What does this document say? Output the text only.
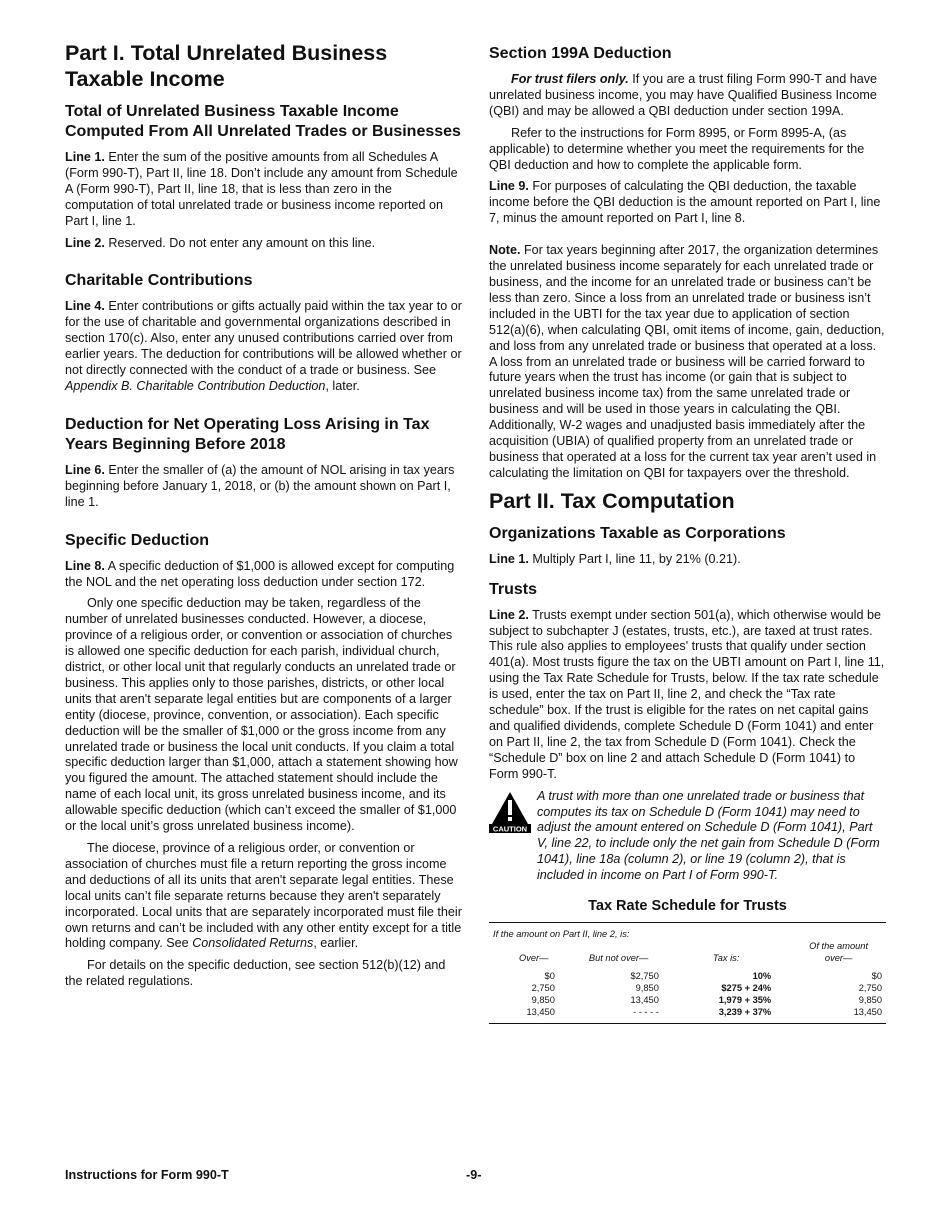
Part I. Total Unrelated Business Taxable Income
Total of Unrelated Business Taxable Income Computed From All Unrelated Trades or Businesses

Line 1. Enter the sum of the positive amounts from all Schedules A (Form 990-T), Part II, line 18. Don’t include any amount from Schedule A (Form 990-T), Part II, line 18, that is less than zero in the computation of total unrelated trade or business income reported on Part I, line 1.

Line 2. Reserved. Do not enter any amount on this line.

Charitable Contributions

Line 4. Enter contributions or gifts actually paid within the tax year to or for the use of charitable and governmental organizations described in section 170(c). Also, enter any unused contributions carried over from earlier years. The deduction for contributions will be allowed whether or not directly connected with the conduct of a trade or business. See Appendix B. Charitable Contribution Deduction, later.

Deduction for Net Operating Loss Arising in Tax Years Beginning Before 2018

Line 6. Enter the smaller of (a) the amount of NOL arising in tax years beginning before January 1, 2018, or (b) the amount shown on Part I, line 1.

Specific Deduction

Line 8. A specific deduction of $1,000 is allowed except for computing the NOL and the net operating loss deduction under section 172.

Only one specific deduction may be taken, regardless of the number of unrelated businesses conducted. However, a diocese, province of a religious order, or convention or association of churches is allowed one specific deduction for each parish, individual church, district, or other local unit that regularly conducts an unrelated trade or business. This applies only to those parishes, districts, or other local units that aren't separate legal entities but are components of a larger entity (diocese, province, convention, or association). Each specific deduction will be the smaller of $1,000 or the gross income from any unrelated trade or business the local unit conducts. If you claim a total specific deduction larger than $1,000, attach a statement showing how you figured the amount. The attached statement should include the name of each local unit, its gross unrelated business income, and its allowable specific deduction (which can’t exceed the smaller of $1,000 or the local unit’s gross unrelated business income).

The diocese, province of a religious order, or convention or association of churches must file a return reporting the gross income and deductions of all its units that aren't separate legal entities. These local units can’t file separate returns because they aren't separately incorporated. Local units that are separately incorporated must file their own returns and can’t be included with any other entity except for a title holding company. See Consolidated Returns, earlier.

For details on the specific deduction, see section 512(b)(12) and the related regulations.

Section 199A Deduction

For trust filers only. If you are a trust filing Form 990-T and have unrelated business income, you may have Qualified Business Income (QBI) and may be allowed a QBI deduction under section 199A.

Refer to the instructions for Form 8995, or Form 8995-A, (as applicable) to determine whether you meet the requirements for the QBI deduction and how to complete the applicable form.

Line 9. For purposes of calculating the QBI deduction, the taxable income before the QBI deduction is the amount reported on Part I, line 7, minus the amount reported on Part I, line 8.

Note. For tax years beginning after 2017, the organization determines the unrelated business income separately for each unrelated trade or business, and the income for an unrelated trade or business can’t be less than zero. Since a loss from an unrelated trade or business isn’t included in the UBTI for the tax year due to application of section 512(a)(6), when calculating QBI, omit items of income, gain, deduction, and loss from any unrelated trade or business that operated at a loss. A loss from an unrelated trade or business will be carried forward to future years when the trust has income (or gain that is subject to unrelated business income tax) from the same unrelated trade or business and will be used in those years in calculating the QBI. Additionally, W-2 wages and unadjusted basis immediately after the acquisition (UBIA) of qualified property from an unrelated trade or business that operated at a loss for the current tax year aren’t used in calculating the limitation on QBI for taxpayers over the threshold.

Part II. Tax Computation
Organizations Taxable as Corporations

Line 1. Multiply Part I, line 11, by 21% (0.21).

Trusts

Line 2. Trusts exempt under section 501(a), which otherwise would be subject to subchapter J (estates, trusts, etc.), are taxed at trust rates. This rule also applies to employees' trusts that qualify under section 401(a). Most trusts figure the tax on the UBTI amount on Part I, line 11, using the Tax Rate Schedule for Trusts, below. If the tax rate schedule is used, enter the tax on Part II, line 2, and check the “Tax rate schedule” box. If the trust is eligible for the rates on net capital gains and qualified dividends, complete Schedule D (Form 1041) and enter on Part II, line 2, the tax from Schedule D (Form 1041). Check the “Schedule D” box on line 2 and attach Schedule D (Form 1041) to Form 990-T.

CAUTION
A trust with more than one unrelated trade or business that computes its tax on Schedule D (Form 1041) may need to adjust the amount entered on Schedule D (Form 1041), Part V, line 22, to include only the net gain from Schedule D (Form 1041), line 18a (column 2), or line 19 (column 2), that is included in income on Part I of Form 990-T.
Tax Rate Schedule for Trusts
If the amount on Part II, line 2, is:			
			Of the amount
Over—	But not over—	Tax is:	over—

$0	$2,750	10%	$0
2,750	9,850	$275 + 24%	2,750
9,850	13,450	1,979 + 35%	9,850
13,450	- - - - -	3,239 + 37%	13,450
Instructions for Form 990-T	-9-
